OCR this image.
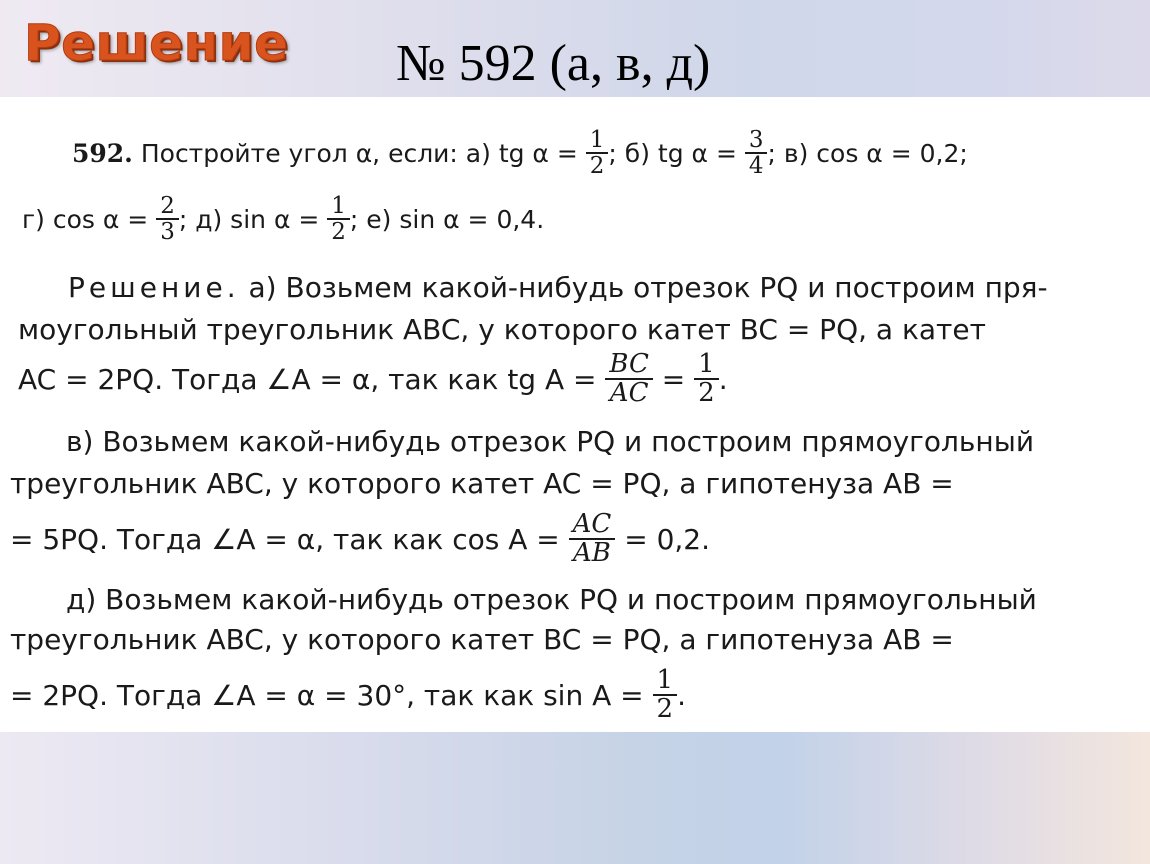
Решение № 592 (а, в, д)
592.
Постройте угол α, если: а) tg α =
$\frac{1}{2}$ ; б) tg α =
$\frac{3}{4}$ ; в) cos α = 0,2;
г) cos α =
$\frac{2}{3}$ ; д) sin α =
$\frac{1}{2}$ ; е) sin α = 0,4.
Решение.
а) Возьмем какой-нибудь отрезок PQ и построим пря-
моугольный треугольник ABC, у которого катет BC = PQ, а катет
AC = 2PQ. Тогда ∠A = α, так как tg A =
$\frac{BC}{AC}$
=
$\frac{1}{2}$ .
в) Возьмем какой-нибудь отрезок PQ и построим прямоугольный
треугольник ABC, у которого катет AC = PQ, а гипотенуза AB =
= 5PQ. Тогда ∠A = α, так как cos A =
$\frac{AC}{AB}$
= 0,2.
д) Возьмем какой-нибудь отрезок PQ и построим прямоугольный
треугольник ABC, у которого катет BC = PQ, а гипотенуза AB =
= 2PQ. Тогда ∠A = α = 30°, так как sin A =
$\frac{1}{2}$ .
